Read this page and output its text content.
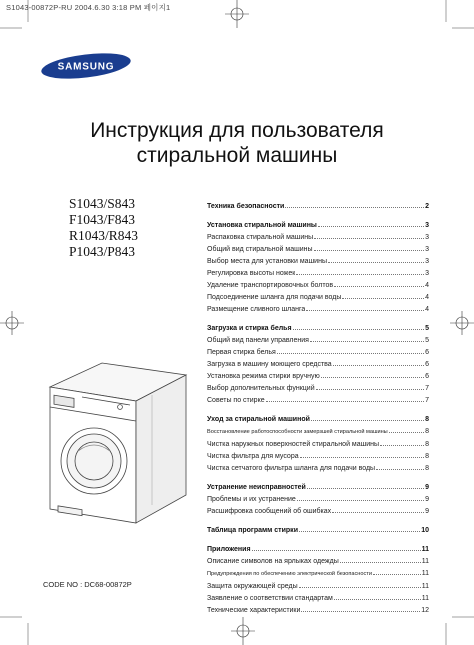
S1043-00872P-RU 2004.6.30 3:18 PM 페이지1
SAMSUNG
Инструкция для пользователя
стиральной машины
S1043/S843
F1043/F843
R1043/R843
P1043/P843
CODE NO : DC68-00872P
Техника безопасности	2
Установка стиральной машины	3
Распаковка стиральной машины	3
Общий вид стиральной машины	3
Выбор места для установки машины	3
Регулировка высоты ножек	3
Удаление транспортировочных болтов	4
Подсоединение шланга для подачи воды	4
Размещение сливного шланга	4
Загрузка и стирка белья	5
Общий вид панели управления	5
Первая стирка белья	6
Загрузка в машину моющего средства	6
Установка режима стирки вручную	6
Выбор дополнительных функций	7
Советы по стирке	7
Уход за стиральной машиной	8
Восстановление работоспособности замерзшей стиральной машины	8
Чистка наружных поверхностей стиральной машины	8
Чистка фильтра для мусора	8
Чистка сетчатого фильтра шланга для подачи воды	8
Устранение неисправностей	9
Проблемы и их устранение	9
Расшифровка сообщений об ошибках	9
Таблица программ стирки	10
Приложения	11
Описание символов на ярлыках одежды	11
Предупреждения по обеспечению электрической безопасности	11
Защита окружающей среды	11
Заявление о соответствии стандартам	11
Технические характеристики	12
